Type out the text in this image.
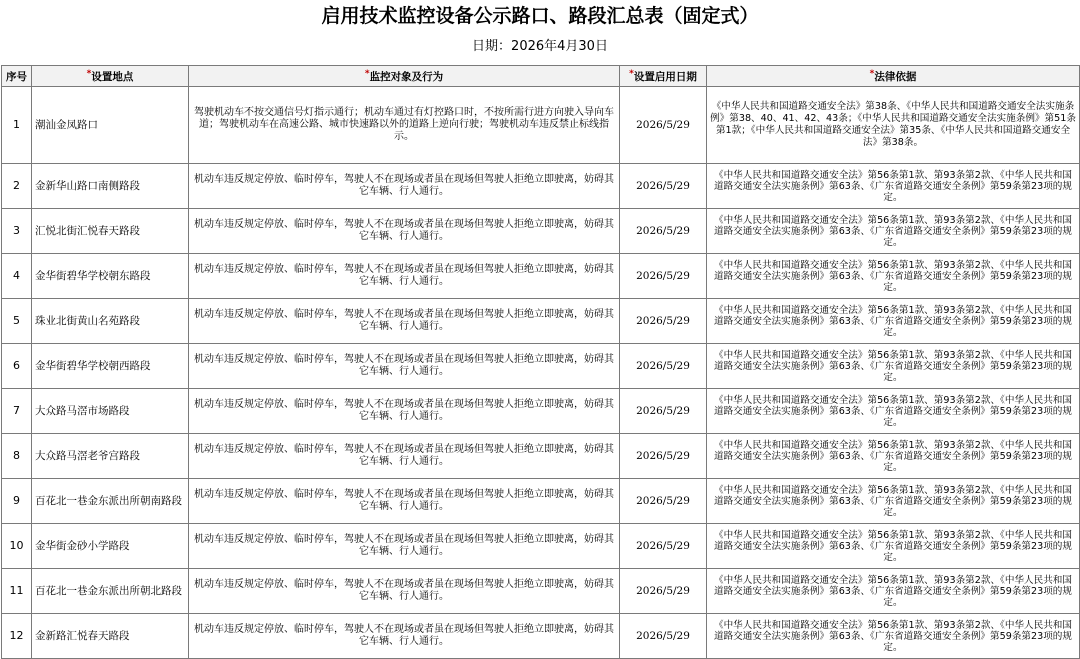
启用技术监控设备公示路口、路段汇总表（固定式）
日期：2026年4月30日
序号	*设置地点	*监控对象及行为	*设置启用日期	*法律依据
1	潮汕金凤路口	驾驶机动车不按交通信号灯指示通行；机动车通过有灯控路口时，不按所需行进方向驶入导向车道；驾驶机动车在高速公路、城市快速路以外的道路上逆向行驶；驾驶机动车违反禁止标线指示。	2026/5/29	《中华人民共和国道路交通安全法》第38条、《中华人民共和国道路交通安全法实施条例》第38、40、41、42、43条；《中华人民共和国道路交通安全法实施条例》第51条第1款；《中华人民共和国道路交通安全法》第35条、《中华人民共和国道路交通安全法》第38条。
2	金新华山路口南侧路段	机动车违反规定停放、临时停车，驾驶人不在现场或者虽在现场但驾驶人拒绝立即驶离，妨碍其它车辆、行人通行。	2026/5/29	《中华人民共和国道路交通安全法》第56条第1款、第93条第2款、《中华人民共和国道路交通安全法实施条例》第63条、《广东省道路交通安全条例》第59条第23项的规定。
3	汇悦北街汇悦春天路段	机动车违反规定停放、临时停车，驾驶人不在现场或者虽在现场但驾驶人拒绝立即驶离，妨碍其它车辆、行人通行。	2026/5/29	《中华人民共和国道路交通安全法》第56条第1款、第93条第2款、《中华人民共和国道路交通安全法实施条例》第63条、《广东省道路交通安全条例》第59条第23项的规定。
4	金华街碧华学校朝东路段	机动车违反规定停放、临时停车，驾驶人不在现场或者虽在现场但驾驶人拒绝立即驶离，妨碍其它车辆、行人通行。	2026/5/29	《中华人民共和国道路交通安全法》第56条第1款、第93条第2款、《中华人民共和国道路交通安全法实施条例》第63条、《广东省道路交通安全条例》第59条第23项的规定。
5	珠业北街黄山名苑路段	机动车违反规定停放、临时停车，驾驶人不在现场或者虽在现场但驾驶人拒绝立即驶离，妨碍其它车辆、行人通行。	2026/5/29	《中华人民共和国道路交通安全法》第56条第1款、第93条第2款、《中华人民共和国道路交通安全法实施条例》第63条、《广东省道路交通安全条例》第59条第23项的规定。
6	金华街碧华学校朝西路段	机动车违反规定停放、临时停车，驾驶人不在现场或者虽在现场但驾驶人拒绝立即驶离，妨碍其它车辆、行人通行。	2026/5/29	《中华人民共和国道路交通安全法》第56条第1款、第93条第2款、《中华人民共和国道路交通安全法实施条例》第63条、《广东省道路交通安全条例》第59条第23项的规定。
7	大众路马滘市场路段	机动车违反规定停放、临时停车，驾驶人不在现场或者虽在现场但驾驶人拒绝立即驶离，妨碍其它车辆、行人通行。	2026/5/29	《中华人民共和国道路交通安全法》第56条第1款、第93条第2款、《中华人民共和国道路交通安全法实施条例》第63条、《广东省道路交通安全条例》第59条第23项的规定。
8	大众路马滘老爷宫路段	机动车违反规定停放、临时停车，驾驶人不在现场或者虽在现场但驾驶人拒绝立即驶离，妨碍其它车辆、行人通行。	2026/5/29	《中华人民共和国道路交通安全法》第56条第1款、第93条第2款、《中华人民共和国道路交通安全法实施条例》第63条、《广东省道路交通安全条例》第59条第23项的规定。
9	百花北一巷金东派出所朝南路段	机动车违反规定停放、临时停车，驾驶人不在现场或者虽在现场但驾驶人拒绝立即驶离，妨碍其它车辆、行人通行。	2026/5/29	《中华人民共和国道路交通安全法》第56条第1款、第93条第2款、《中华人民共和国道路交通安全法实施条例》第63条、《广东省道路交通安全条例》第59条第23项的规定。
10	金华街金砂小学路段	机动车违反规定停放、临时停车，驾驶人不在现场或者虽在现场但驾驶人拒绝立即驶离，妨碍其它车辆、行人通行。	2026/5/29	《中华人民共和国道路交通安全法》第56条第1款、第93条第2款、《中华人民共和国道路交通安全法实施条例》第63条、《广东省道路交通安全条例》第59条第23项的规定。
11	百花北一巷金东派出所朝北路段	机动车违反规定停放、临时停车，驾驶人不在现场或者虽在现场但驾驶人拒绝立即驶离，妨碍其它车辆、行人通行。	2026/5/29	《中华人民共和国道路交通安全法》第56条第1款、第93条第2款、《中华人民共和国道路交通安全法实施条例》第63条、《广东省道路交通安全条例》第59条第23项的规定。
12	金新路汇悦春天路段	机动车违反规定停放、临时停车，驾驶人不在现场或者虽在现场但驾驶人拒绝立即驶离，妨碍其它车辆、行人通行。	2026/5/29	《中华人民共和国道路交通安全法》第56条第1款、第93条第2款、《中华人民共和国道路交通安全法实施条例》第63条、《广东省道路交通安全条例》第59条第23项的规定。
